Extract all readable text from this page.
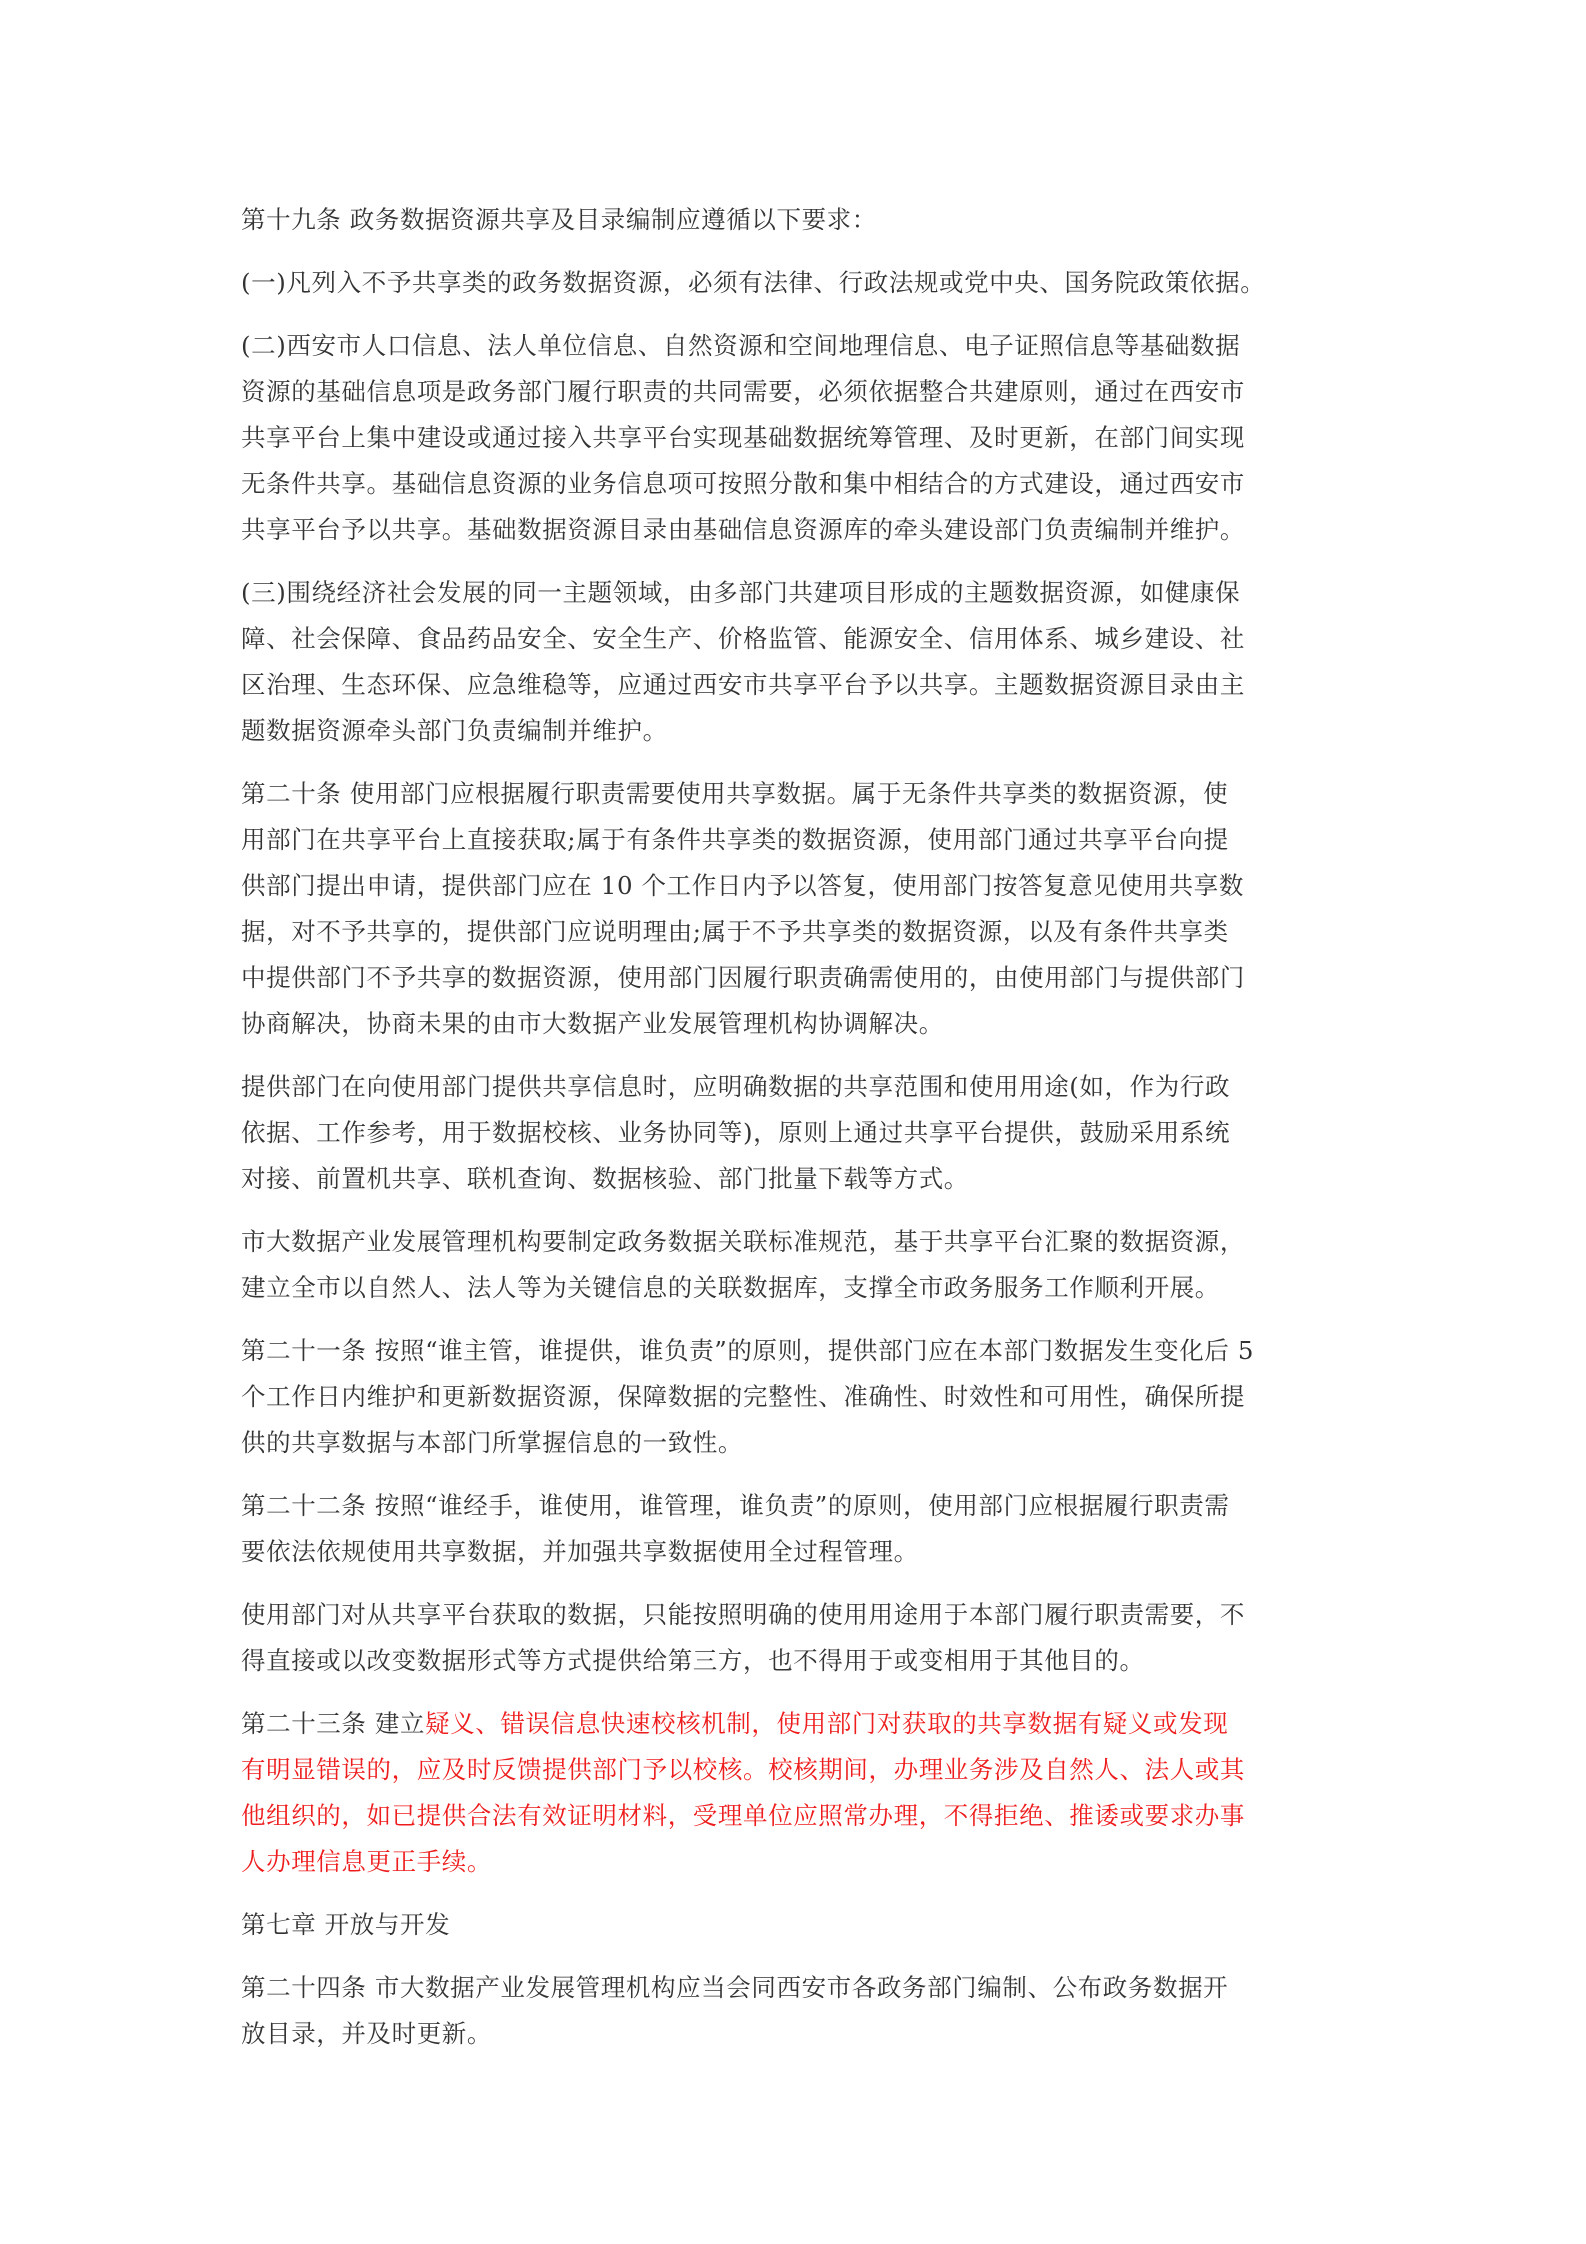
第十九条 政务数据资源共享及目录编制应遵循以下要求：

(一)凡列入不予共享类的政务数据资源，必须有法律、行政法规或党中央、国务院政策依据。

(二)西安市人口信息、法人单位信息、自然资源和空间地理信息、电子证照信息等基础数据
资源的基础信息项是政务部门履行职责的共同需要，必须依据整合共建原则，通过在西安市
共享平台上集中建设或通过接入共享平台实现基础数据统筹管理、及时更新，在部门间实现
无条件共享。基础信息资源的业务信息项可按照分散和集中相结合的方式建设，通过西安市
共享平台予以共享。基础数据资源目录由基础信息资源库的牵头建设部门负责编制并维护。

(三)围绕经济社会发展的同一主题领域，由多部门共建项目形成的主题数据资源，如健康保
障、社会保障、食品药品安全、安全生产、价格监管、能源安全、信用体系、城乡建设、社
区治理、生态环保、应急维稳等，应通过西安市共享平台予以共享。主题数据资源目录由主
题数据资源牵头部门负责编制并维护。

第二十条 使用部门应根据履行职责需要使用共享数据。属于无条件共享类的数据资源，使
用部门在共享平台上直接获取;属于有条件共享类的数据资源，使用部门通过共享平台向提
供部门提出申请，提供部门应在 10 个工作日内予以答复，使用部门按答复意见使用共享数
据，对不予共享的，提供部门应说明理由;属于不予共享类的数据资源，以及有条件共享类
中提供部门不予共享的数据资源，使用部门因履行职责确需使用的，由使用部门与提供部门
协商解决，协商未果的由市大数据产业发展管理机构协调解决。

提供部门在向使用部门提供共享信息时，应明确数据的共享范围和使用用途(如，作为行政
依据、工作参考，用于数据校核、业务协同等)，原则上通过共享平台提供，鼓励采用系统
对接、前置机共享、联机查询、数据核验、部门批量下载等方式。

市大数据产业发展管理机构要制定政务数据关联标准规范，基于共享平台汇聚的数据资源，
建立全市以自然人、法人等为关键信息的关联数据库，支撑全市政务服务工作顺利开展。

第二十一条 按照“谁主管，谁提供，谁负责”的原则，提供部门应在本部门数据发生变化后 5
个工作日内维护和更新数据资源，保障数据的完整性、准确性、时效性和可用性，确保所提
供的共享数据与本部门所掌握信息的一致性。

第二十二条 按照“谁经手，谁使用，谁管理，谁负责”的原则，使用部门应根据履行职责需
要依法依规使用共享数据，并加强共享数据使用全过程管理。

使用部门对从共享平台获取的数据，只能按照明确的使用用途用于本部门履行职责需要，不
得直接或以改变数据形式等方式提供给第三方，也不得用于或变相用于其他目的。

第二十三条 建立疑义、错误信息快速校核机制，使用部门对获取的共享数据有疑义或发现
有明显错误的，应及时反馈提供部门予以校核。校核期间，办理业务涉及自然人、法人或其
他组织的，如已提供合法有效证明材料，受理单位应照常办理，不得拒绝、推诿或要求办事
人办理信息更正手续。

第七章 开放与开发

第二十四条 市大数据产业发展管理机构应当会同西安市各政务部门编制、公布政务数据开
放目录，并及时更新。
